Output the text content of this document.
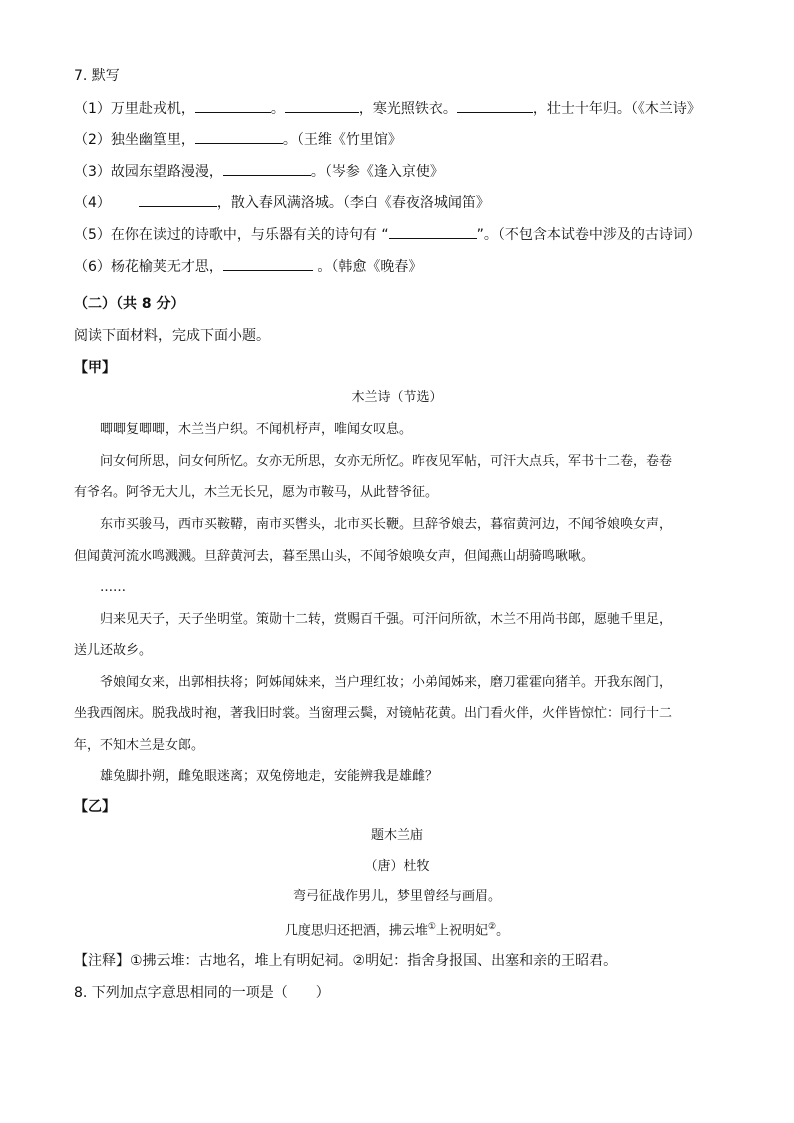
7. 默写
（1）万里赴戎机，	。	，寒光照铁衣。	，壮士十年归。（《木兰诗》
（2）独坐幽篁里，	。（王维《竹里馆》
（3）故园东望路漫漫，	。（岑参《逢入京使》
（4）	，散入春风满洛城。（李白《春夜洛城闻笛》
（5）在你在读过的诗歌中，与乐器有关的诗句有 “	”。（不包含本试卷中涉及的古诗词）
（6）杨花榆荚无才思，	。（韩愈《晚春》
（二）（共 8 分）
阅读下面材料，完成下面小题。
【甲】
木兰诗（节选）
唧唧复唧唧，木兰当户织。不闻机杼声，唯闻女叹息。
问女何所思，问女何所忆。女亦无所思，女亦无所忆。昨夜见军帖，可汗大点兵，军书十二卷，卷卷
有爷名。阿爷无大儿，木兰无长兄，愿为市鞍马，从此替爷征。
东市买骏马，西市买鞍鞯，南市买辔头，北市买长鞭。旦辞爷娘去，暮宿黄河边，不闻爷娘唤女声，
但闻黄河流水鸣溅溅。旦辞黄河去，暮至黑山头，不闻爷娘唤女声，但闻燕山胡骑鸣啾啾。
……
归来见天子，天子坐明堂。策勋十二转，赏赐百千强。可汗问所欲，木兰不用尚书郎，愿驰千里足，
送儿还故乡。
爷娘闻女来，出郭相扶将；阿姊闻妹来，当户理红妆；小弟闻姊来，磨刀霍霍向猪羊。开我东阁门，
坐我西阁床。脱我战时袍，著我旧时裳。当窗理云鬓，对镜帖花黄。出门看火伴，火伴皆惊忙：同行十二
年，不知木兰是女郎。
雄兔脚扑朔，雌兔眼迷离；双兔傍地走，安能辨我是雄雌？
【乙】
题木兰庙
（唐）杜牧
弯弓征战作男儿，梦里曾经与画眉。
几度思归还把酒，拂云堆①上祝明妃②。
【注释】①拂云堆：古地名，堆上有明妃祠。②明妃：指舍身报国、出塞和亲的王昭君。
8. 下列加点字意思相同的一项是（　　）
